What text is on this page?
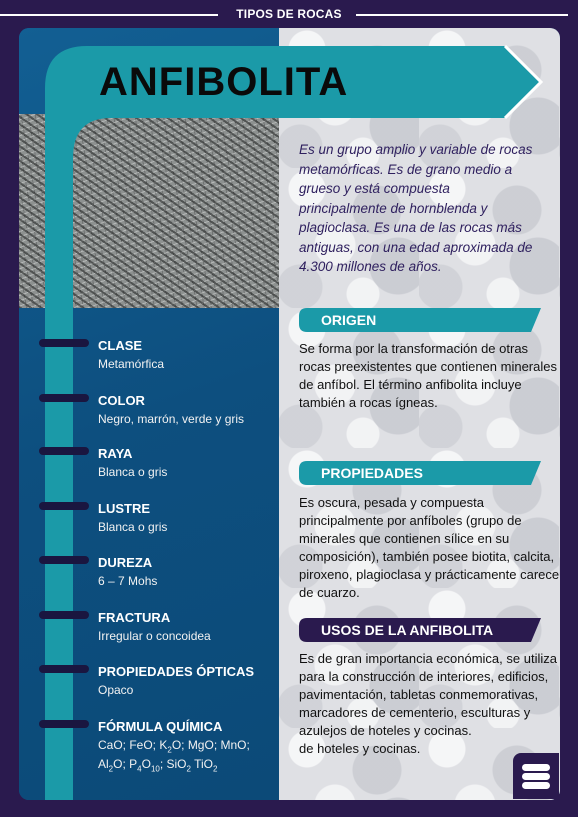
TIPOS DE ROCAS
ANFIBOLITA
CLASE
Metamórfica
COLOR
Negro, marrón, verde y gris
RAYA
Blanca o gris
LUSTRE
Blanca o gris
DUREZA
6 – 7 Mohs
FRACTURA
Irregular o concoidea
PROPIEDADES ÓPTICAS
Opaco
FÓRMULA QUÍMICA
CaO; FeO; $K_2O$; MgO; MnO;
$Al_2O$; $P_4O_{10}$; SiO$_2$ TiO$_2$
Es un grupo amplio y variable de rocas metamórficas. Es de grano medio a grueso y está compuesta principalmente de hornblenda y plagioclasa. Es una de las rocas más antiguas, con una edad aproximada de 4.300 millones de años.
ORIGEN
Se forma por la transformación de otras rocas preexistentes que contienen minerales de anfíbol. El término anfibolita incluye también a rocas ígneas.
PROPIEDADES
Es oscura, pesada y compuesta principalmente por anfíboles (grupo de minerales que contienen sílice en su composición), también posee biotita, calcita, piroxeno, plagioclasa y prácticamente carece de cuarzo.
USOS DE LA ANFIBOLITA
Es de gran importancia económica, se utiliza para la construcción de interiores, edificios, pavimentación, tabletas conmemorativas, marcadores de cementerio, esculturas y azulejos de hoteles y cocinas.
de hoteles y cocinas.
